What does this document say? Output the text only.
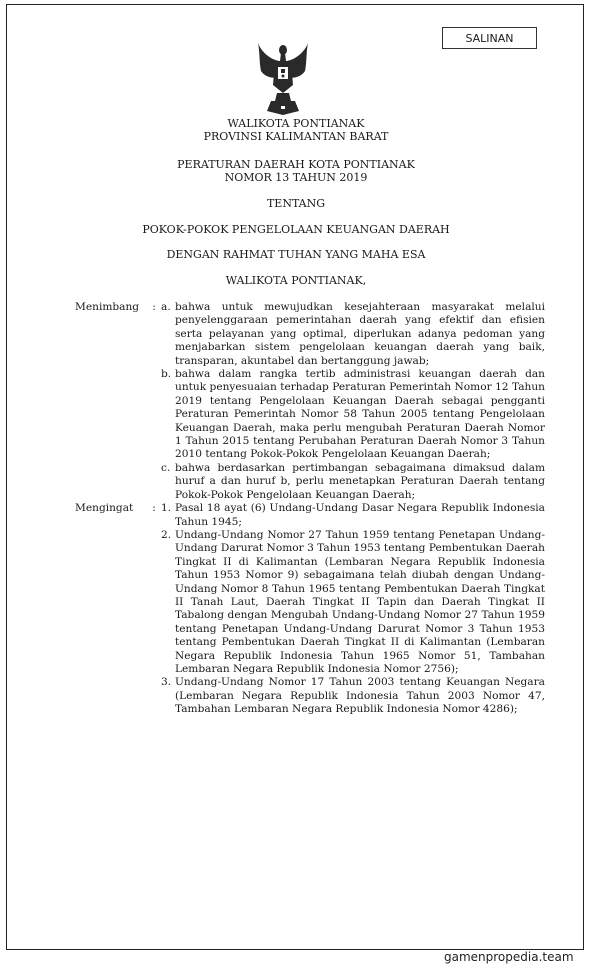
SALINAN
WALIKOTA PONTIANAK
PROVINSI KALIMANTAN BARAT
PERATURAN DAERAH KOTA PONTIANAK
NOMOR 13 TAHUN 2019
TENTANG
POKOK-POKOK PENGELOLAAN KEUANGAN DAERAH
DENGAN RAHMAT TUHAN YANG MAHA ESA
WALIKOTA PONTIANAK,
Menimbang	: a. bahwa untuk mewujudkan kesejahteraan masyarakat melalui penyelenggaraan pemerintahan daerah yang efektif dan efisien serta pelayanan yang optimal, diperlukan adanya pedoman yang menjabarkan sistem pengelolaan keuangan daerah yang baik, transparan, akuntabel dan bertanggung jawab;
b. bahwa dalam rangka tertib administrasi keuangan daerah dan untuk penyesuaian terhadap Peraturan Pemerintah Nomor 12 Tahun 2019 tentang Pengelolaan Keuangan Daerah sebagai pengganti Peraturan Pemerintah Nomor 58 Tahun 2005 tentang Pengelolaan Keuangan Daerah, maka perlu mengubah Peraturan Daerah Nomor 1 Tahun 2015 tentang Perubahan Peraturan Daerah Nomor 3 Tahun 2010 tentang Pokok-Pokok Pengelolaan Keuangan Daerah;
c. bahwa berdasarkan pertimbangan sebagaimana dimaksud dalam huruf a dan huruf b, perlu menetapkan Peraturan Daerah tentang Pokok-Pokok Pengelolaan Keuangan Daerah;
Mengingat	: 1. Pasal 18 ayat (6) Undang-Undang Dasar Negara Republik Indonesia Tahun 1945;
2. Undang-Undang Nomor 27 Tahun 1959 tentang Penetapan Undang-Undang Darurat Nomor 3 Tahun 1953 tentang Pembentukan Daerah Tingkat II di Kalimantan (Lembaran Negara Republik Indonesia Tahun 1953 Nomor 9) sebagaimana telah diubah dengan Undang-Undang Nomor 8 Tahun 1965 tentang Pembentukan Daerah Tingkat II Tanah Laut, Daerah Tingkat II Tapin dan Daerah Tingkat II Tabalong dengan Mengubah Undang-Undang Nomor 27 Tahun 1959 tentang Penetapan Undang-Undang Darurat Nomor 3 Tahun 1953 tentang Pembentukan Daerah Tingkat II di Kalimantan (Lembaran Negara Republik Indonesia Tahun 1965 Nomor 51, Tambahan Lembaran Negara Republik Indonesia Nomor 2756);
3. Undang-Undang Nomor 17 Tahun 2003 tentang Keuangan Negara (Lembaran Negara Republik Indonesia Tahun 2003 Nomor 47, Tambahan Lembaran Negara Republik Indonesia Nomor 4286);
gamenpropedia.team
